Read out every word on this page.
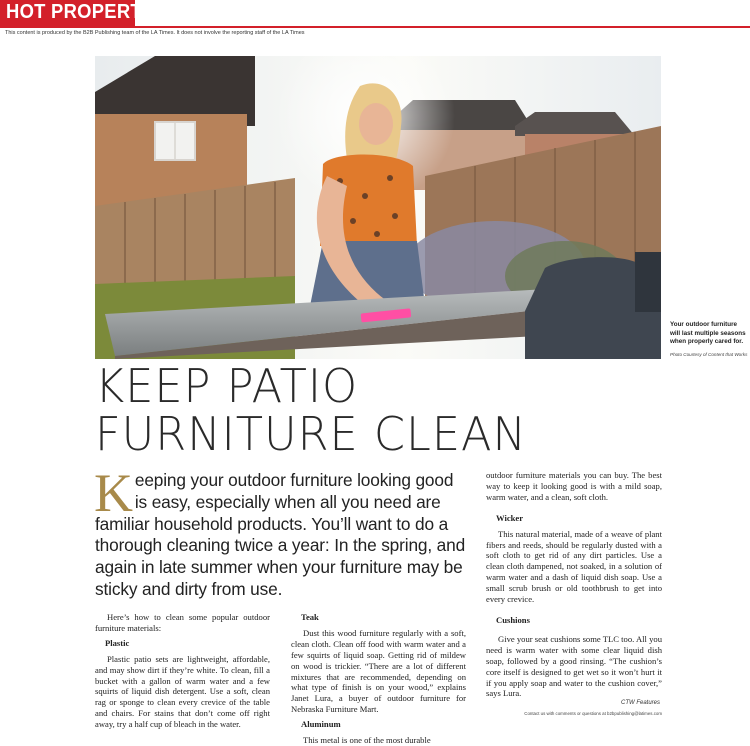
HOT PROPERTY
This content is produced by the B2B Publishing team of the LA Times. It does not involve the reporting staff of the LA Times
Your outdoor furniture will last multiple seasons when properly cared for.
Photo Courtesy of Content that Works
KEEP PATIO
FURNITURE CLEAN
Keeping your outdoor furniture looking good is easy, especially when all you need are familiar household products. You’ll want to do a thorough cleaning twice a year: In the spring, and again in late summer when your furniture may be sticky and dirty from use.

Here’s how to clean some popular outdoor furniture materials:

Plastic

Plastic patio sets are lightweight, affordable, and may show dirt if they’re white. To clean, fill a bucket with a gallon of warm water and a few squirts of liquid dish detergent. Use a soft, clean rag or sponge to clean every crevice of the table and chairs. For stains that don’t come off right away, try a half cup of bleach in the water.

Teak

Dust this wood furniture regularly with a soft, clean cloth. Clean off food with warm water and a few squirts of liquid soap. Getting rid of mildew on wood is trickier. “There are a lot of different mixtures that are recommended, depending on what type of finish is on your wood,” explains Janet Lura, a buyer of outdoor furniture for Nebraska Furniture Mart.

Aluminum

This metal is one of the most durable

outdoor furniture materials you can buy. The best way to keep it looking good is with a mild soap, warm water, and a clean, soft cloth.

Wicker

This natural material, made of a weave of plant fibers and reeds, should be regularly dusted with a soft cloth to get rid of any dirt particles. Use a clean cloth dampened, not soaked, in a solution of warm water and a dash of liquid dish soap. Use a small scrub brush or old toothbrush to get into every crevice.

Cushions

Give your seat cushions some TLC too. All you need is warm water with some clear liquid dish soap, followed by a good rinsing. “The cushion’s core itself is designed to get wet so it won’t hurt it if you apply soap and water to the cushion cover,” says Lura.

CTW Features
Contact us with comments or questions at b2bpublishing@latimes.com
